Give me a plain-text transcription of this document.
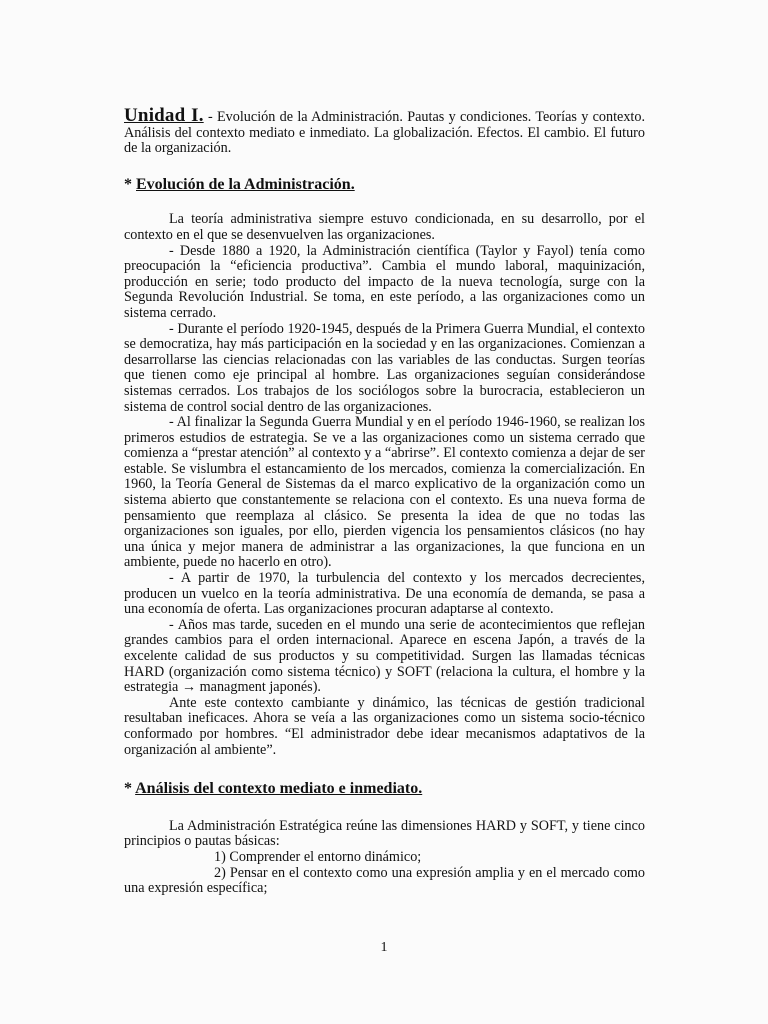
Unidad I. - Evolución de la Administración. Pautas y condiciones. Teorías y contexto. Análisis del contexto mediato e inmediato. La globalización. Efectos. El cambio. El futuro de la organización.

* Evolución de la Administración.

La teoría administrativa siempre estuvo condicionada, en su desarrollo, por el contexto en el que se desenvuelven las organizaciones.

- Desde 1880 a 1920, la Administración científica (Taylor y Fayol) tenía como preocupación la “eficiencia productiva”. Cambia el mundo laboral, maquinización, producción en serie; todo producto del impacto de la nueva tecnología, surge con la Segunda Revolución Industrial. Se toma, en este período, a las organizaciones como un sistema cerrado.

- Durante el período 1920-1945, después de la Primera Guerra Mundial, el contexto se democratiza, hay más participación en la sociedad y en las organizaciones. Comienzan a desarrollarse las ciencias relacionadas con las variables de las conductas. Surgen teorías que tienen como eje principal al hombre. Las organizaciones seguían considerándose sistemas cerrados. Los trabajos de los sociólogos sobre la burocracia, establecieron un sistema de control social dentro de las organizaciones.

- Al finalizar la Segunda Guerra Mundial y en el período 1946-1960, se realizan los primeros estudios de estrategia. Se ve a las organizaciones como un sistema cerrado que comienza a “prestar atención” al contexto y a “abrirse”. El contexto comienza a dejar de ser estable. Se vislumbra el estancamiento de los mercados, comienza la comercialización. En 1960, la Teoría General de Sistemas da el marco explicativo de la organización como un sistema abierto que constantemente se relaciona con el contexto. Es una nueva forma de pensamiento que reemplaza al clásico. Se presenta la idea de que no todas las organizaciones son iguales, por ello, pierden vigencia los pensamientos clásicos (no hay una única y mejor manera de administrar a las organizaciones, la que funciona en un ambiente, puede no hacerlo en otro).

- A partir de 1970, la turbulencia del contexto y los mercados decrecientes, producen un vuelco en la teoría administrativa. De una economía de demanda, se pasa a una economía de oferta. Las organizaciones procuran adaptarse al contexto.

- Años mas tarde, suceden en el mundo una serie de acontecimientos que reflejan grandes cambios para el orden internacional. Aparece en escena Japón, a través de la excelente calidad de sus productos y su competitividad. Surgen las llamadas técnicas HARD (organización como sistema técnico) y SOFT (relaciona la cultura, el hombre y la estrategia → managment japonés).

Ante este contexto cambiante y dinámico, las técnicas de gestión tradicional resultaban ineficaces. Ahora se veía a las organizaciones como un sistema socio-técnico conformado por hombres. “El administrador debe idear mecanismos adaptativos de la organización al ambiente”.

* Análisis del contexto mediato e inmediato.

La Administración Estratégica reúne las dimensiones HARD y SOFT, y tiene cinco principios o pautas básicas:

1) Comprender el entorno dinámico;

2) Pensar en el contexto como una expresión amplia y en el mercado como una expresión específica;

1
